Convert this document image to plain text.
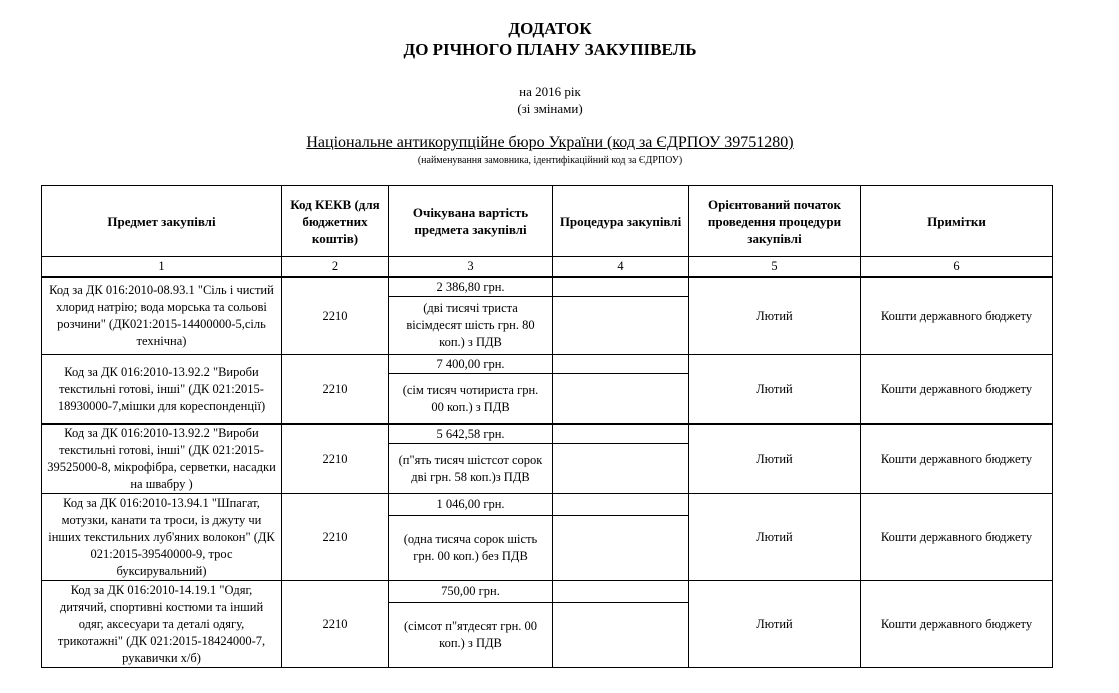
ДОДАТОК
ДО РІЧНОГО ПЛАНУ ЗАКУПІВЕЛЬ
на 2016 рік
(зі змінами)
Національне антикорупційне бюро України (код за ЄДРПОУ 39751280)
(найменування замовника, ідентифікаційний код за ЄДРПОУ)
Предмет закупівлі	Код КЕКВ (для бюджетних коштів)	Очікувана вартість предмета закупівлі	Процедура закупівлі	Орієнтований початок проведення процедури закупівлі	Примітки
1	2	3	4	5	6
Код за ДК 016:2010-08.93.1 "Сіль і чистий хлорид натрію; вода морська та сольові розчини" (ДК021:2015-14400000-5,сіль технічна)	2210	2 386,80 грн.		Лютий	Кошти державного бюджету
		(дві тисячі триста вісімдесят шість грн. 80 коп.) з ПДВ			
Код за ДК 016:2010-13.92.2 "Вироби текстильні готові, інші" (ДК 021:2015-18930000-7,мішки для кореспонденції)	2210	7 400,00 грн.		Лютий	Кошти державного бюджету
		(сім тисяч чотириста грн. 00 коп.) з ПДВ			
Код за ДК 016:2010-13.92.2 "Вироби текстильні готові, інші" (ДК 021:2015-39525000-8, мікрофібра, серветки, насадки на швабру )	2210	5 642,58 грн.		Лютий	Кошти державного бюджету
		(п"ять тисяч шістсот сорок дві грн. 58 коп.)з ПДВ			
Код за ДК 016:2010-13.94.1 "Шпагат, мотузки, канати та троси, із джуту чи інших текстильних луб'яних волокон" (ДК 021:2015-39540000-9, трос буксирувальний)	2210	1 046,00 грн.		Лютий	Кошти державного бюджету
		(одна тисяча сорок шість грн. 00 коп.) без ПДВ			
Код за ДК 016:2010-14.19.1 "Одяг, дитячий, спортивні костюми та інший одяг, аксесуари та деталі одягу, трикотажні" (ДК 021:2015-18424000-7, рукавички х/б)	2210	750,00 грн.		Лютий	Кошти державного бюджету
		(сімсот п"ятдесят грн. 00 коп.) з ПДВ			
